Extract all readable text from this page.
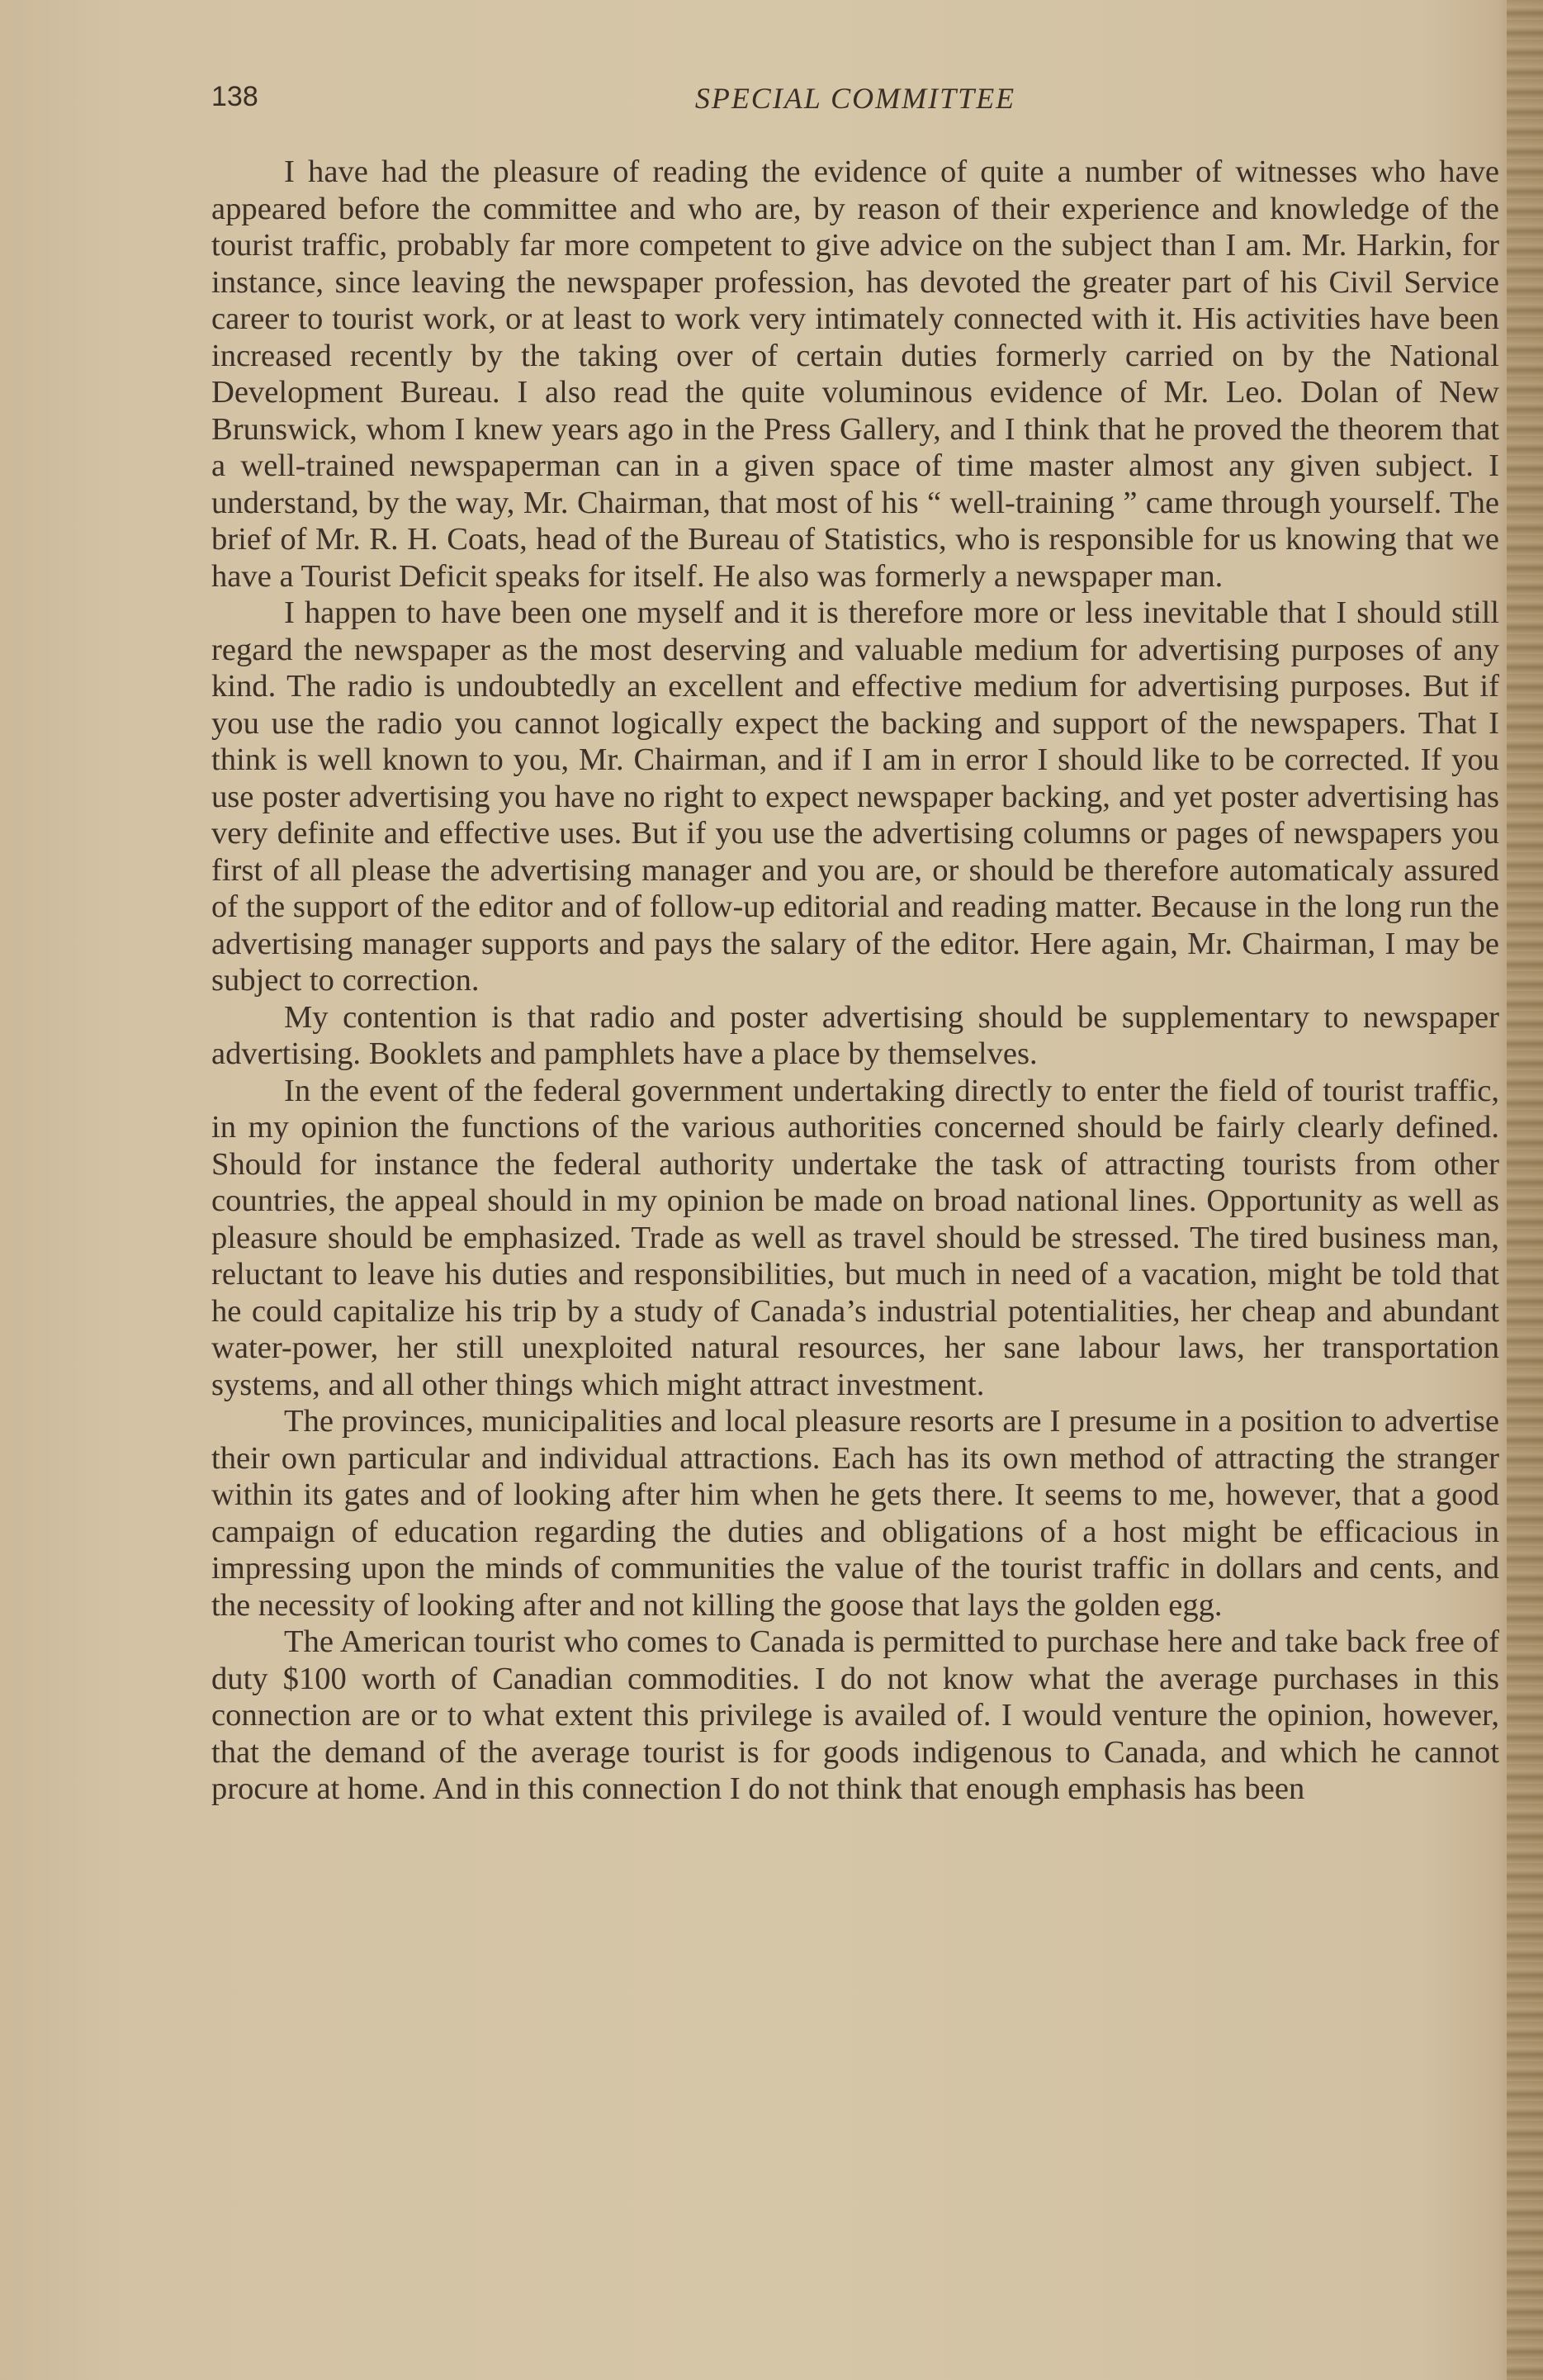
138	SPECIAL COMMITTEE

I have had the pleasure of reading the evidence of quite a number of witnesses who have appeared before the committee and who are, by reason of their experience and knowledge of the tourist traffic, probably far more competent to give advice on the subject than I am. Mr. Harkin, for instance, since leaving the newspaper profession, has devoted the greater part of his Civil Service career to tourist work, or at least to work very intimately connected with it. His activities have been increased recently by the taking over of certain duties formerly carried on by the National Development Bureau. I also read the quite voluminous evidence of Mr. Leo. Dolan of New Brunswick, whom I knew years ago in the Press Gallery, and I think that he proved the theorem that a well-trained newspaperman can in a given space of time master almost any given subject. I understand, by the way, Mr. Chairman, that most of his “ well-training ” came through yourself. The brief of Mr. R. H. Coats, head of the Bureau of Statistics, who is responsible for us knowing that we have a Tourist Deficit speaks for itself. He also was formerly a newspaper man.

I happen to have been one myself and it is therefore more or less inevitable that I should still regard the newspaper as the most deserving and valuable medium for advertising purposes of any kind. The radio is undoubtedly an excellent and effective medium for advertising purposes. But if you use the radio you cannot logically expect the backing and support of the newspapers. That I think is well known to you, Mr. Chairman, and if I am in error I should like to be corrected. If you use poster advertising you have no right to expect newspaper backing, and yet poster advertising has very definite and effective uses. But if you use the advertising columns or pages of newspapers you first of all please the advertising manager and you are, or should be therefore automaticaly assured of the support of the editor and of follow-up editorial and reading matter. Because in the long run the advertising manager supports and pays the salary of the editor. Here again, Mr. Chairman, I may be subject to correction.

My contention is that radio and poster advertising should be supplementary to newspaper advertising. Booklets and pamphlets have a place by themselves.

In the event of the federal government undertaking directly to enter the field of tourist traffic, in my opinion the functions of the various authorities concerned should be fairly clearly defined. Should for instance the federal authority undertake the task of attracting tourists from other countries, the appeal should in my opinion be made on broad national lines. Opportunity as well as pleasure should be emphasized. Trade as well as travel should be stressed. The tired business man, reluctant to leave his duties and responsibilities, but much in need of a vacation, might be told that he could capitalize his trip by a study of Canada’s industrial potentialities, her cheap and abundant water-power, her still unexploited natural resources, her sane labour laws, her transportation systems, and all other things which might attract investment.

The provinces, municipalities and local pleasure resorts are I presume in a position to advertise their own particular and individual attractions. Each has its own method of attracting the stranger within its gates and of looking after him when he gets there. It seems to me, however, that a good campaign of education regarding the duties and obligations of a host might be efficacious in impressing upon the minds of communities the value of the tourist traffic in dollars and cents, and the necessity of looking after and not killing the goose that lays the golden egg.

The American tourist who comes to Canada is permitted to purchase here and take back free of duty $100 worth of Canadian commodities. I do not know what the average purchases in this connection are or to what extent this privilege is availed of. I would venture the opinion, however, that the demand of the average tourist is for goods indigenous to Canada, and which he cannot procure at home. And in this connection I do not think that enough emphasis has been
